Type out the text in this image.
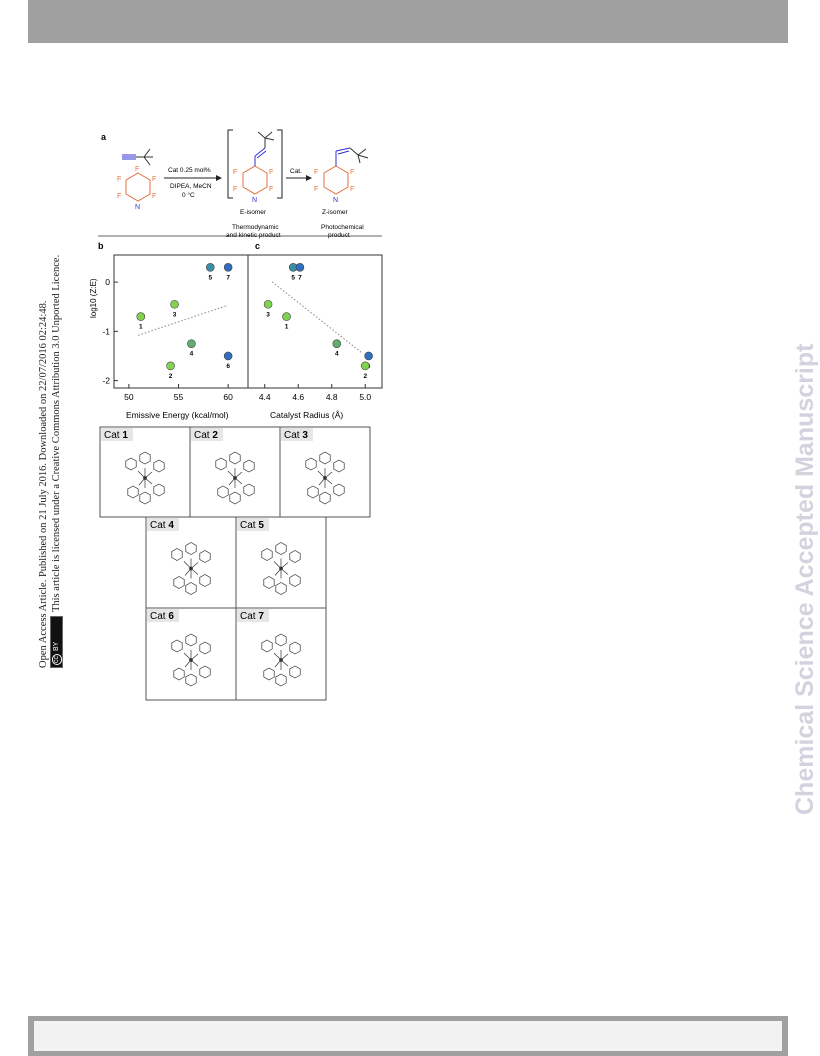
Chemical Science Accepted Manuscript
Open Access Article. Published on 21 July 2016. Downloaded on 22/07/2016 02:24:48. ccBYThis article is licensed under a Creative Commons Attribution 3.0 Unported Licence.
a
F
F
F
F
F
N
Cat 0.25 mol%
DIPEA, MeCN
0 °C
F	F
F	F
N
E-isomer
Thermodynamic
and kinetic product
Cat. F	F
F	F
N
Z-isomer
Photochemical
product
b	c
50	55	60
0
-1
-2
1
3
4
2
5 7
6
4.4	4.6	4.8	5.0
3
1
5 7
4
2
log10 (Z:E)
Emissive Energy (kcal/mol)	Catalyst Radius (Å)
Cat 1	Cat 2	Cat 3
Cat 4	Cat 5
Cat 6	Cat 7
